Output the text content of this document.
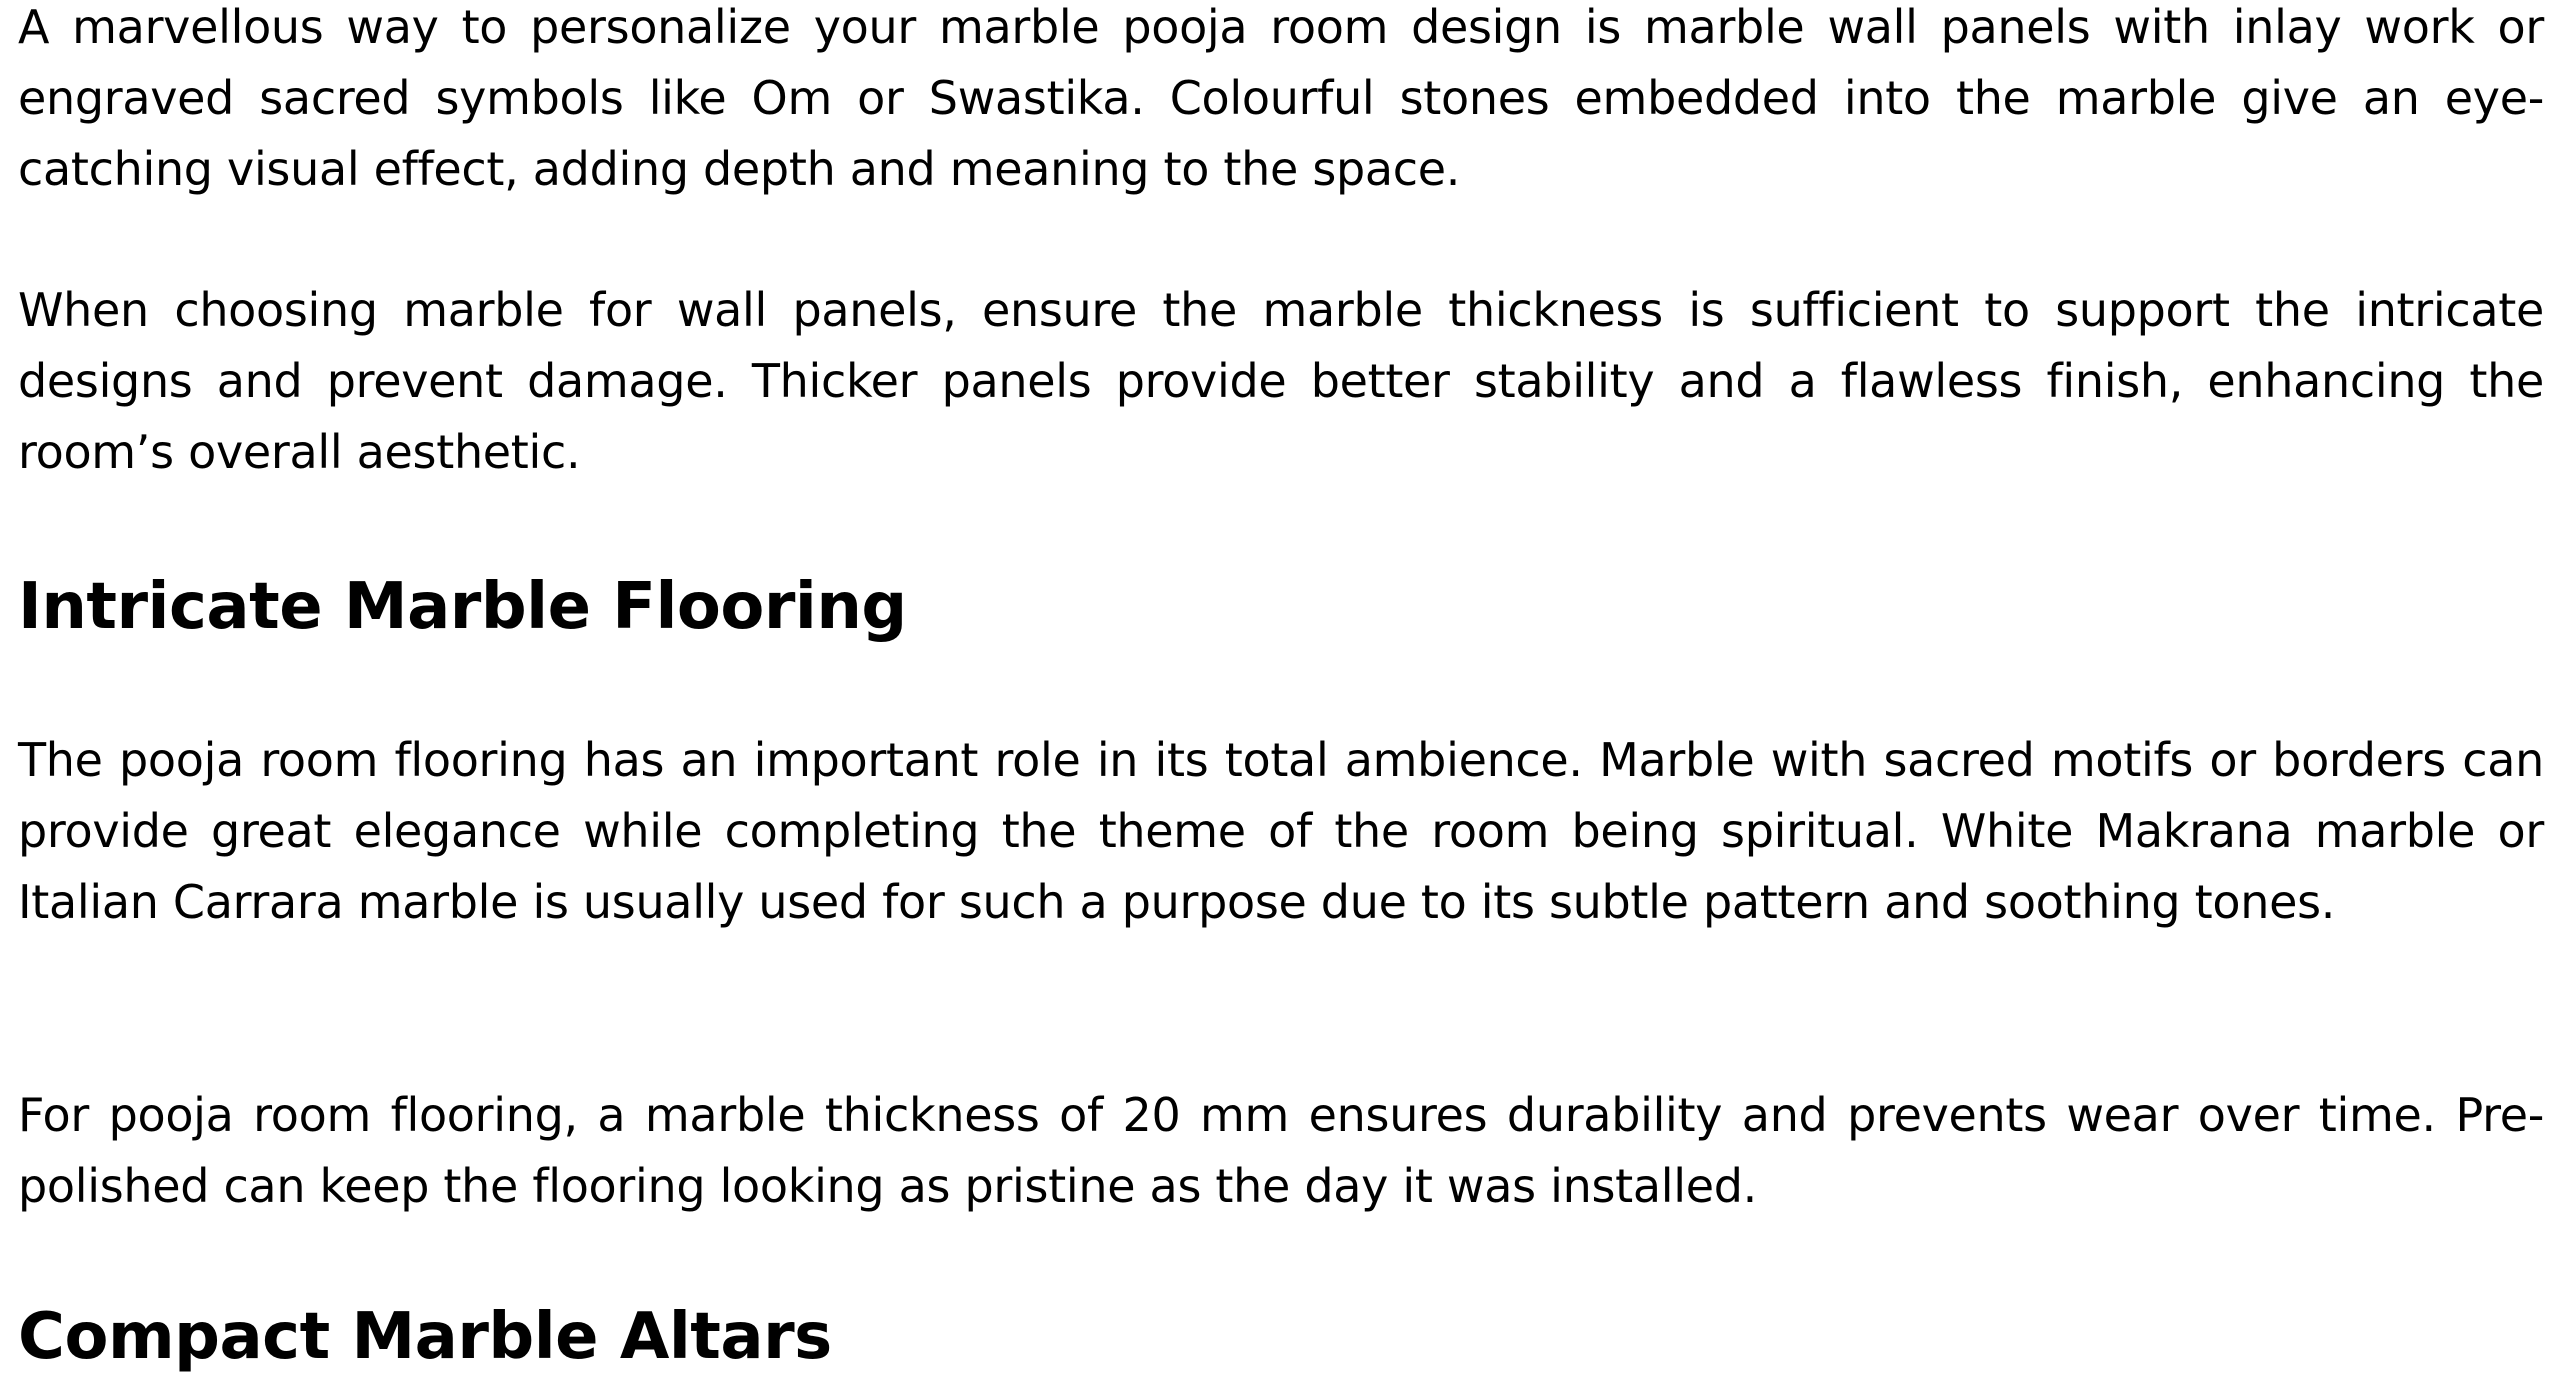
A marvellous way to personalize your marble pooja room design is marble wall panels with inlay work or engraved sacred symbols like Om or Swastika. Colourful stones embedded into the marble give an eye-catching visual effect, adding depth and meaning to the space.

When choosing marble for wall panels, ensure the marble thickness is sufficient to support the intricate designs and prevent damage. Thicker panels provide better stability and a flawless finish, enhancing the room’s overall aesthetic.

Intricate Marble Flooring

The pooja room flooring has an important role in its total ambience. Marble with sacred motifs or borders can provide great elegance while completing the theme of the room being spiritual. White Makrana marble or Italian Carrara marble is usually used for such a purpose due to its subtle pattern and soothing tones.

For pooja room flooring, a marble thickness of 20 mm ensures durability and prevents wear over time. Pre-polished can keep the flooring looking as pristine as the day it was installed.

Compact Marble Altars
